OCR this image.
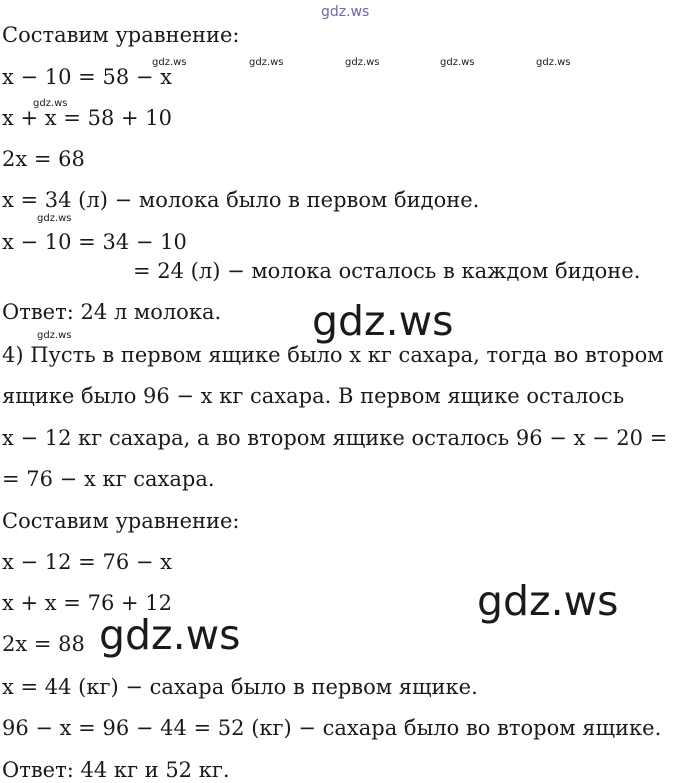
Составим уравнение:
x − 10 = 58 − x
x + x = 58 + 10
2x = 68
x = 34 (л) − молока было в первом бидоне.
x − 10 = 34 − 10
= 24 (л) − молока осталось в каждом бидоне.
Ответ: 24 л молока.
4) Пусть в первом ящике было x кг сахара, тогда во втором
ящике было 96 − x кг сахара. В первом ящике осталось
x − 12 кг сахара, а во втором ящике осталось 96 − x − 20 =
= 76 − x кг сахара.
Составим уравнение:
x − 12 = 76 − x
x + x = 76 + 12
2x = 88
x = 44 (кг) − сахара было в первом ящике.
96 − x = 96 − 44 = 52 (кг) − сахара было во втором ящике.
Ответ: 44 кг и 52 кг.
gdz.ws
gdz.ws	gdz.ws	gdz.ws	gdz.ws	gdz.ws
gdz.ws
gdz.ws
gdz.ws	gdz.ws
gdz.ws
gdz.ws
